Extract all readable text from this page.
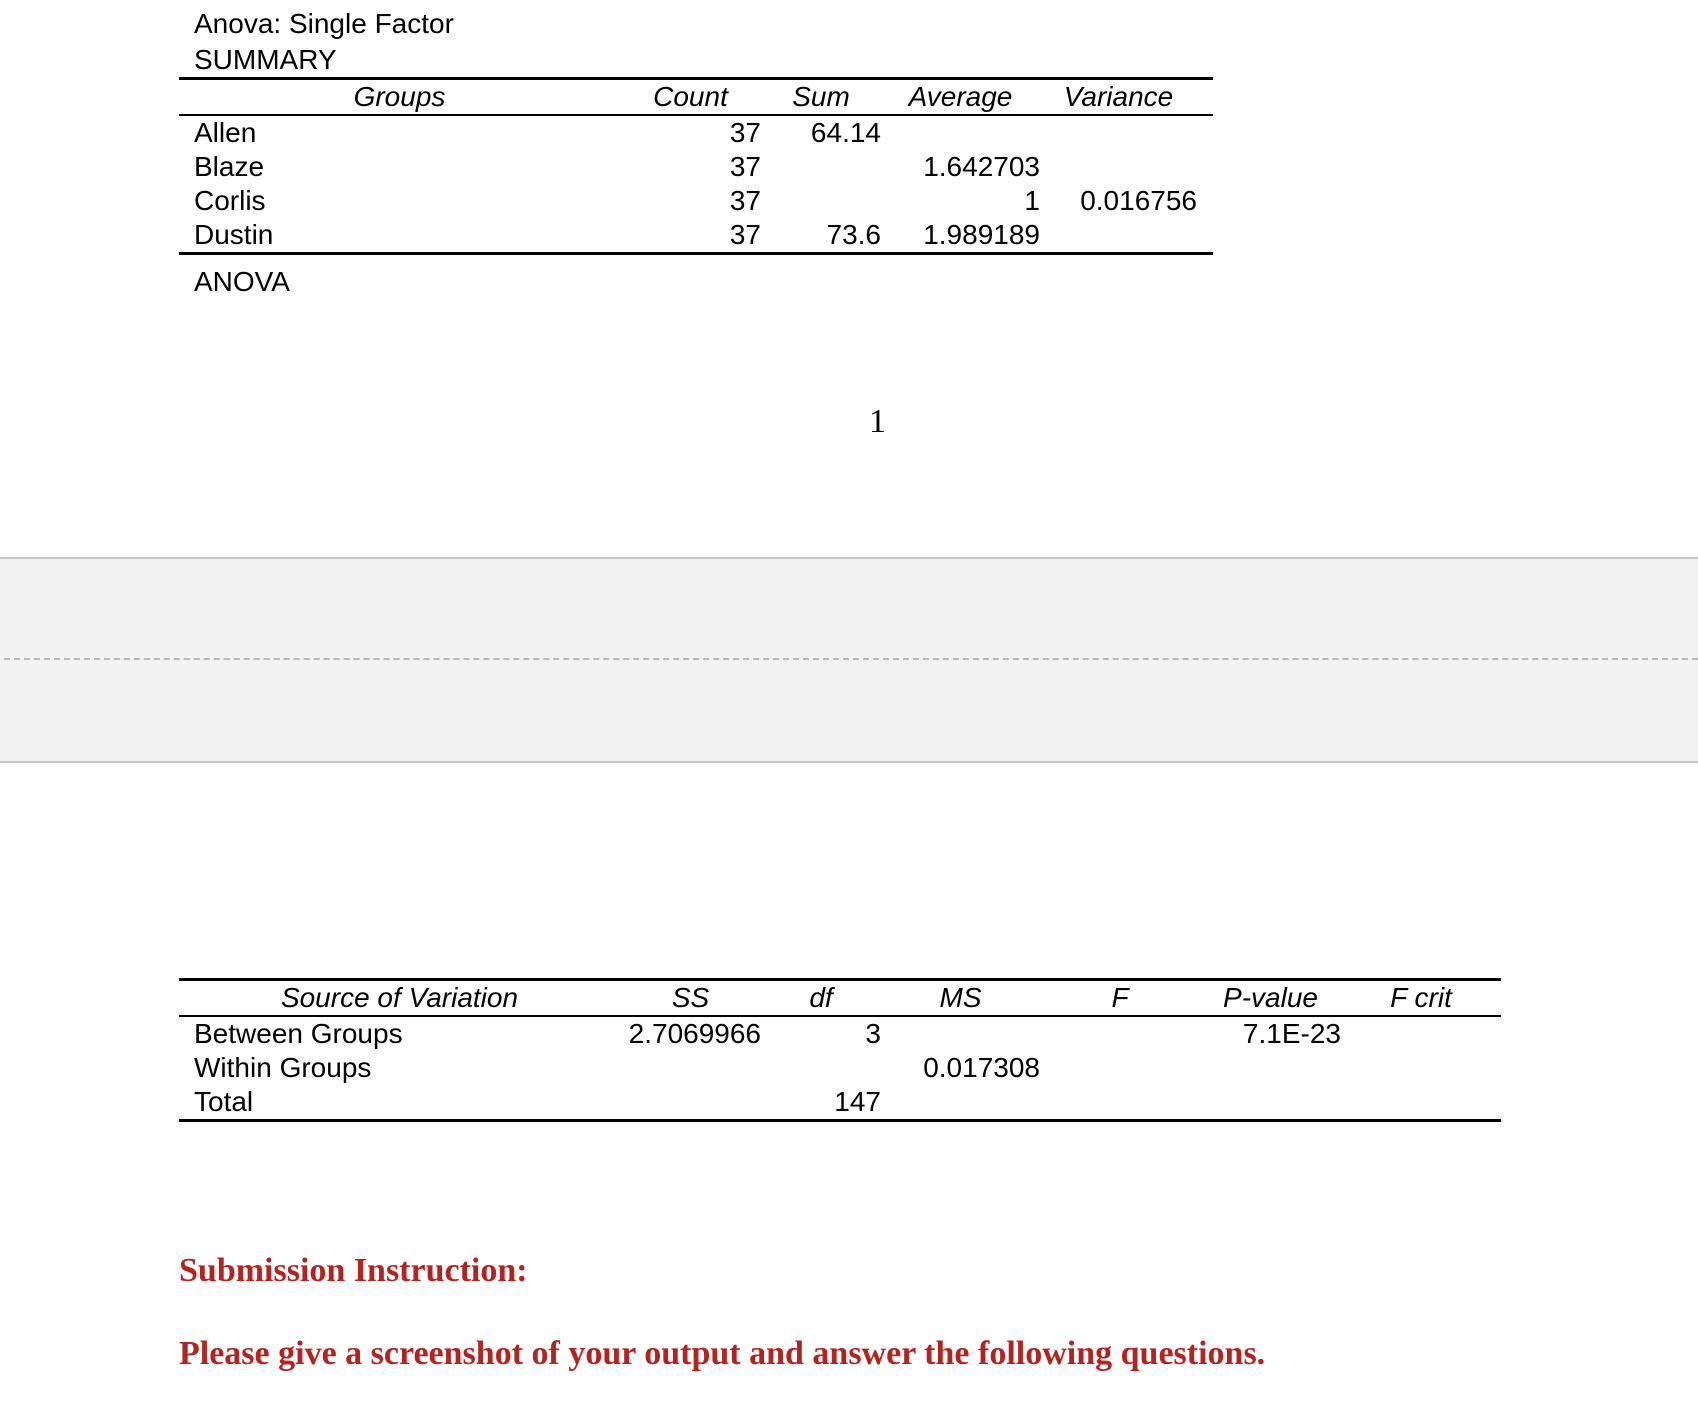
Anova: Single Factor
SUMMARY
Groups	Count	Sum	Average	Variance
Allen	37	64.14		
Blaze	37		1.642703	
Corlis	37		1	0.016756
Dustin	37	73.6	1.989189	
ANOVA
1
Source of Variation	SS	df	MS	F	P-value	F crit
Between Groups	2.7069966	3			7.1E-23	
Within Groups			0.017308			
Total		147				
Submission Instruction:
Please give a screenshot of your output and answer the following questions.
